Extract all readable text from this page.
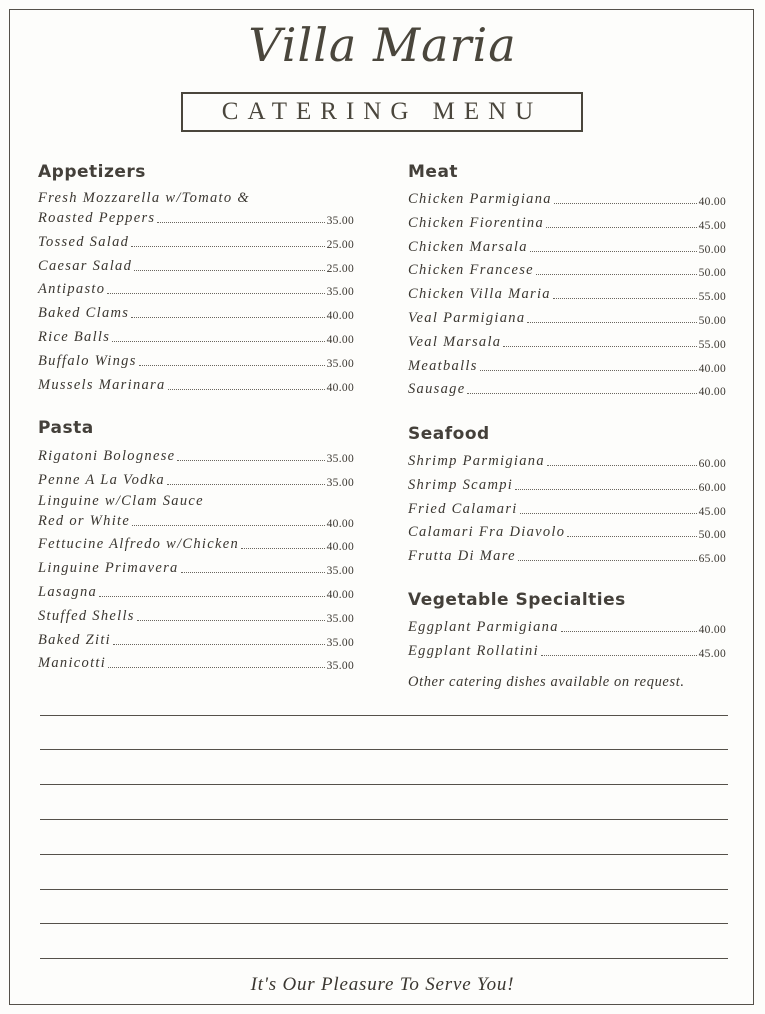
Villa Maria
CATERING MENU
Appetizers
Fresh Mozzarella w/Tomato &
Roasted Peppers	35.00
Tossed Salad	25.00
Caesar Salad	25.00
Antipasto	35.00
Baked Clams	40.00
Rice Balls	40.00
Buffalo Wings	35.00
Mussels Marinara	40.00
Pasta
Rigatoni Bolognese	35.00
Penne A La Vodka	35.00
Linguine w/Clam Sauce
Red or White	40.00
Fettucine Alfredo w/Chicken	40.00
Linguine Primavera	35.00
Lasagna	40.00
Stuffed Shells	35.00
Baked Ziti	35.00
Manicotti	35.00
Meat
Chicken Parmigiana	40.00
Chicken Fiorentina	45.00
Chicken Marsala	50.00
Chicken Francese	50.00
Chicken Villa Maria	55.00
Veal Parmigiana	50.00
Veal Marsala	55.00
Meatballs	40.00
Sausage	40.00
Seafood
Shrimp Parmigiana	60.00
Shrimp Scampi	60.00
Fried Calamari	45.00
Calamari Fra Diavolo	50.00
Frutta Di Mare	65.00
Vegetable Specialties
Eggplant Parmigiana	40.00
Eggplant Rollatini	45.00
Other catering dishes available on request.
It's Our Pleasure To Serve You!
